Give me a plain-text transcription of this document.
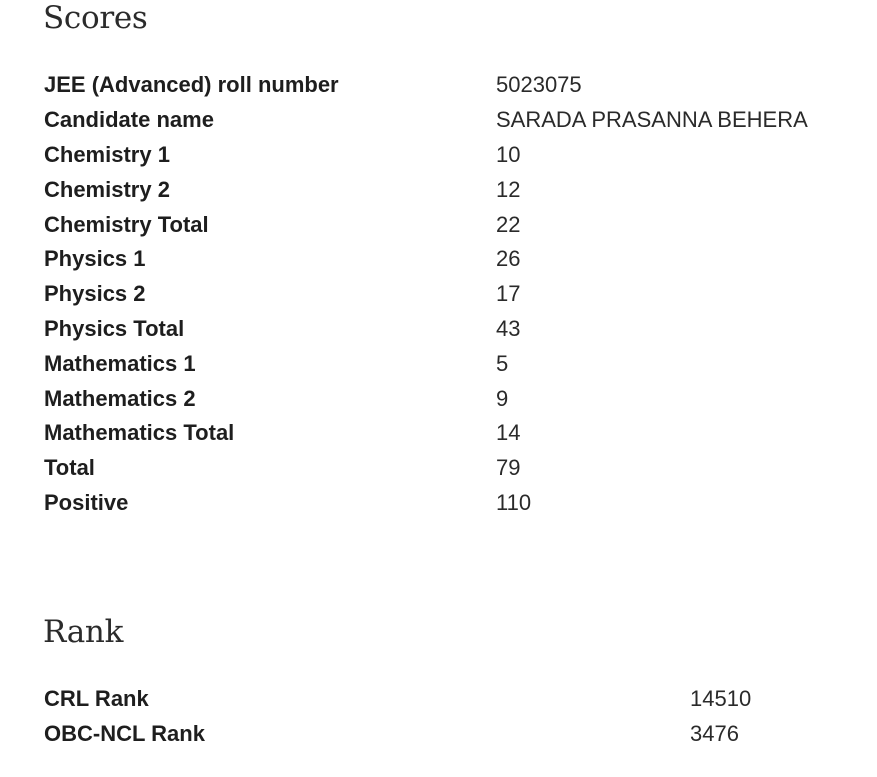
Scores
JEE (Advanced) roll number	5023075
Candidate name	SARADA PRASANNA BEHERA
Chemistry 1	10
Chemistry 2	12
Chemistry Total	22
Physics 1	26
Physics 2	17
Physics Total	43
Mathematics 1	5
Mathematics 2	9
Mathematics Total	14
Total	79
Positive	110
Rank
CRL Rank	14510
OBC-NCL Rank	3476
